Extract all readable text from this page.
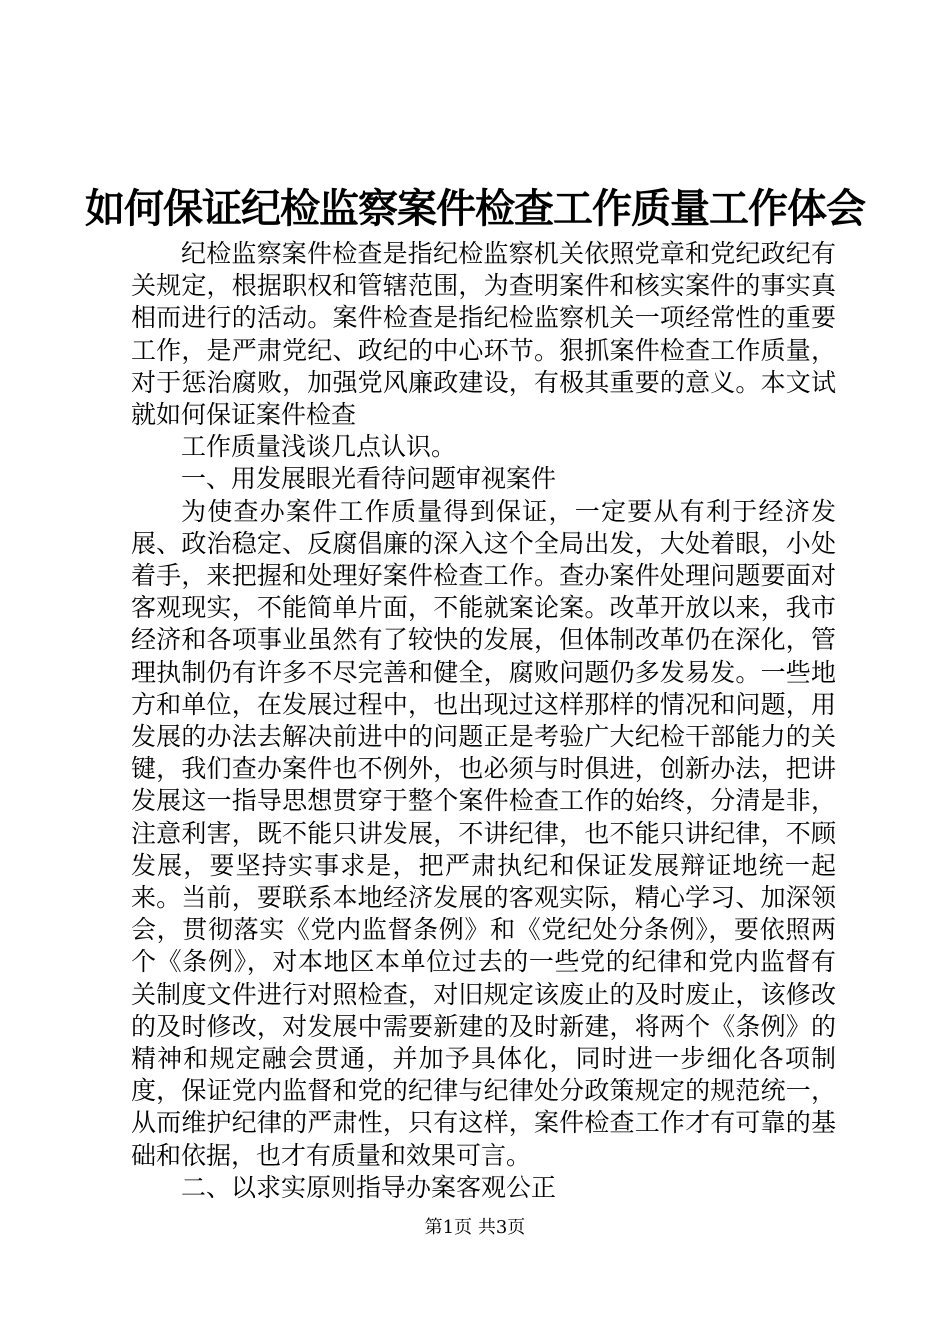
如何保证纪检监察案件检查工作质量工作体会

纪检监察案件检查是指纪检监察机关依照党章和党纪政纪有关规定，根据职权和管辖范围，为查明案件和核实案件的事实真相而进行的活动。案件检查是指纪检监察机关一项经常性的重要工作，是严肃党纪、政纪的中心环节。狠抓案件检查工作质量，对于惩治腐败，加强党风廉政建设，有极其重要的意义。本文试就如何保证案件检查

工作质量浅谈几点认识。

一、用发展眼光看待问题审视案件

为使查办案件工作质量得到保证，一定要从有利于经济发展、政治稳定、反腐倡廉的深入这个全局出发，大处着眼，小处着手，来把握和处理好案件检查工作。查办案件处理问题要面对客观现实，不能简单片面，不能就案论案。改革开放以来，我市经济和各项事业虽然有了较快的发展，但体制改革仍在深化，管理执制仍有许多不尽完善和健全，腐败问题仍多发易发。一些地方和单位，在发展过程中，也出现过这样那样的情况和问题，用发展的办法去解决前进中的问题正是考验广大纪检干部能力的关键，我们查办案件也不例外，也必须与时俱进，创新办法，把讲发展这一指导思想贯穿于整个案件检查工作的始终，分清是非，注意利害，既不能只讲发展，不讲纪律，也不能只讲纪律，不顾发展，要坚持实事求是，把严肃执纪和保证发展辩证地统一起来。当前，要联系本地经济发展的客观实际，精心学习、加深领会，贯彻落实《党内监督条例》和《党纪处分条例》，要依照两个《条例》，对本地区本单位过去的一些党的纪律和党内监督有关制度文件进行对照检查，对旧规定该废止的及时废止，该修改的及时修改，对发展中需要新建的及时新建，将两个《条例》的精神和规定融会贯通，并加予具体化，同时进一步细化各项制度，保证党内监督和党的纪律与纪律处分政策规定的规范统一，从而维护纪律的严肃性，只有这样，案件检查工作才有可靠的基础和依据，也才有质量和效果可言。

二、以求实原则指导办案客观公正

第1页 共3页
